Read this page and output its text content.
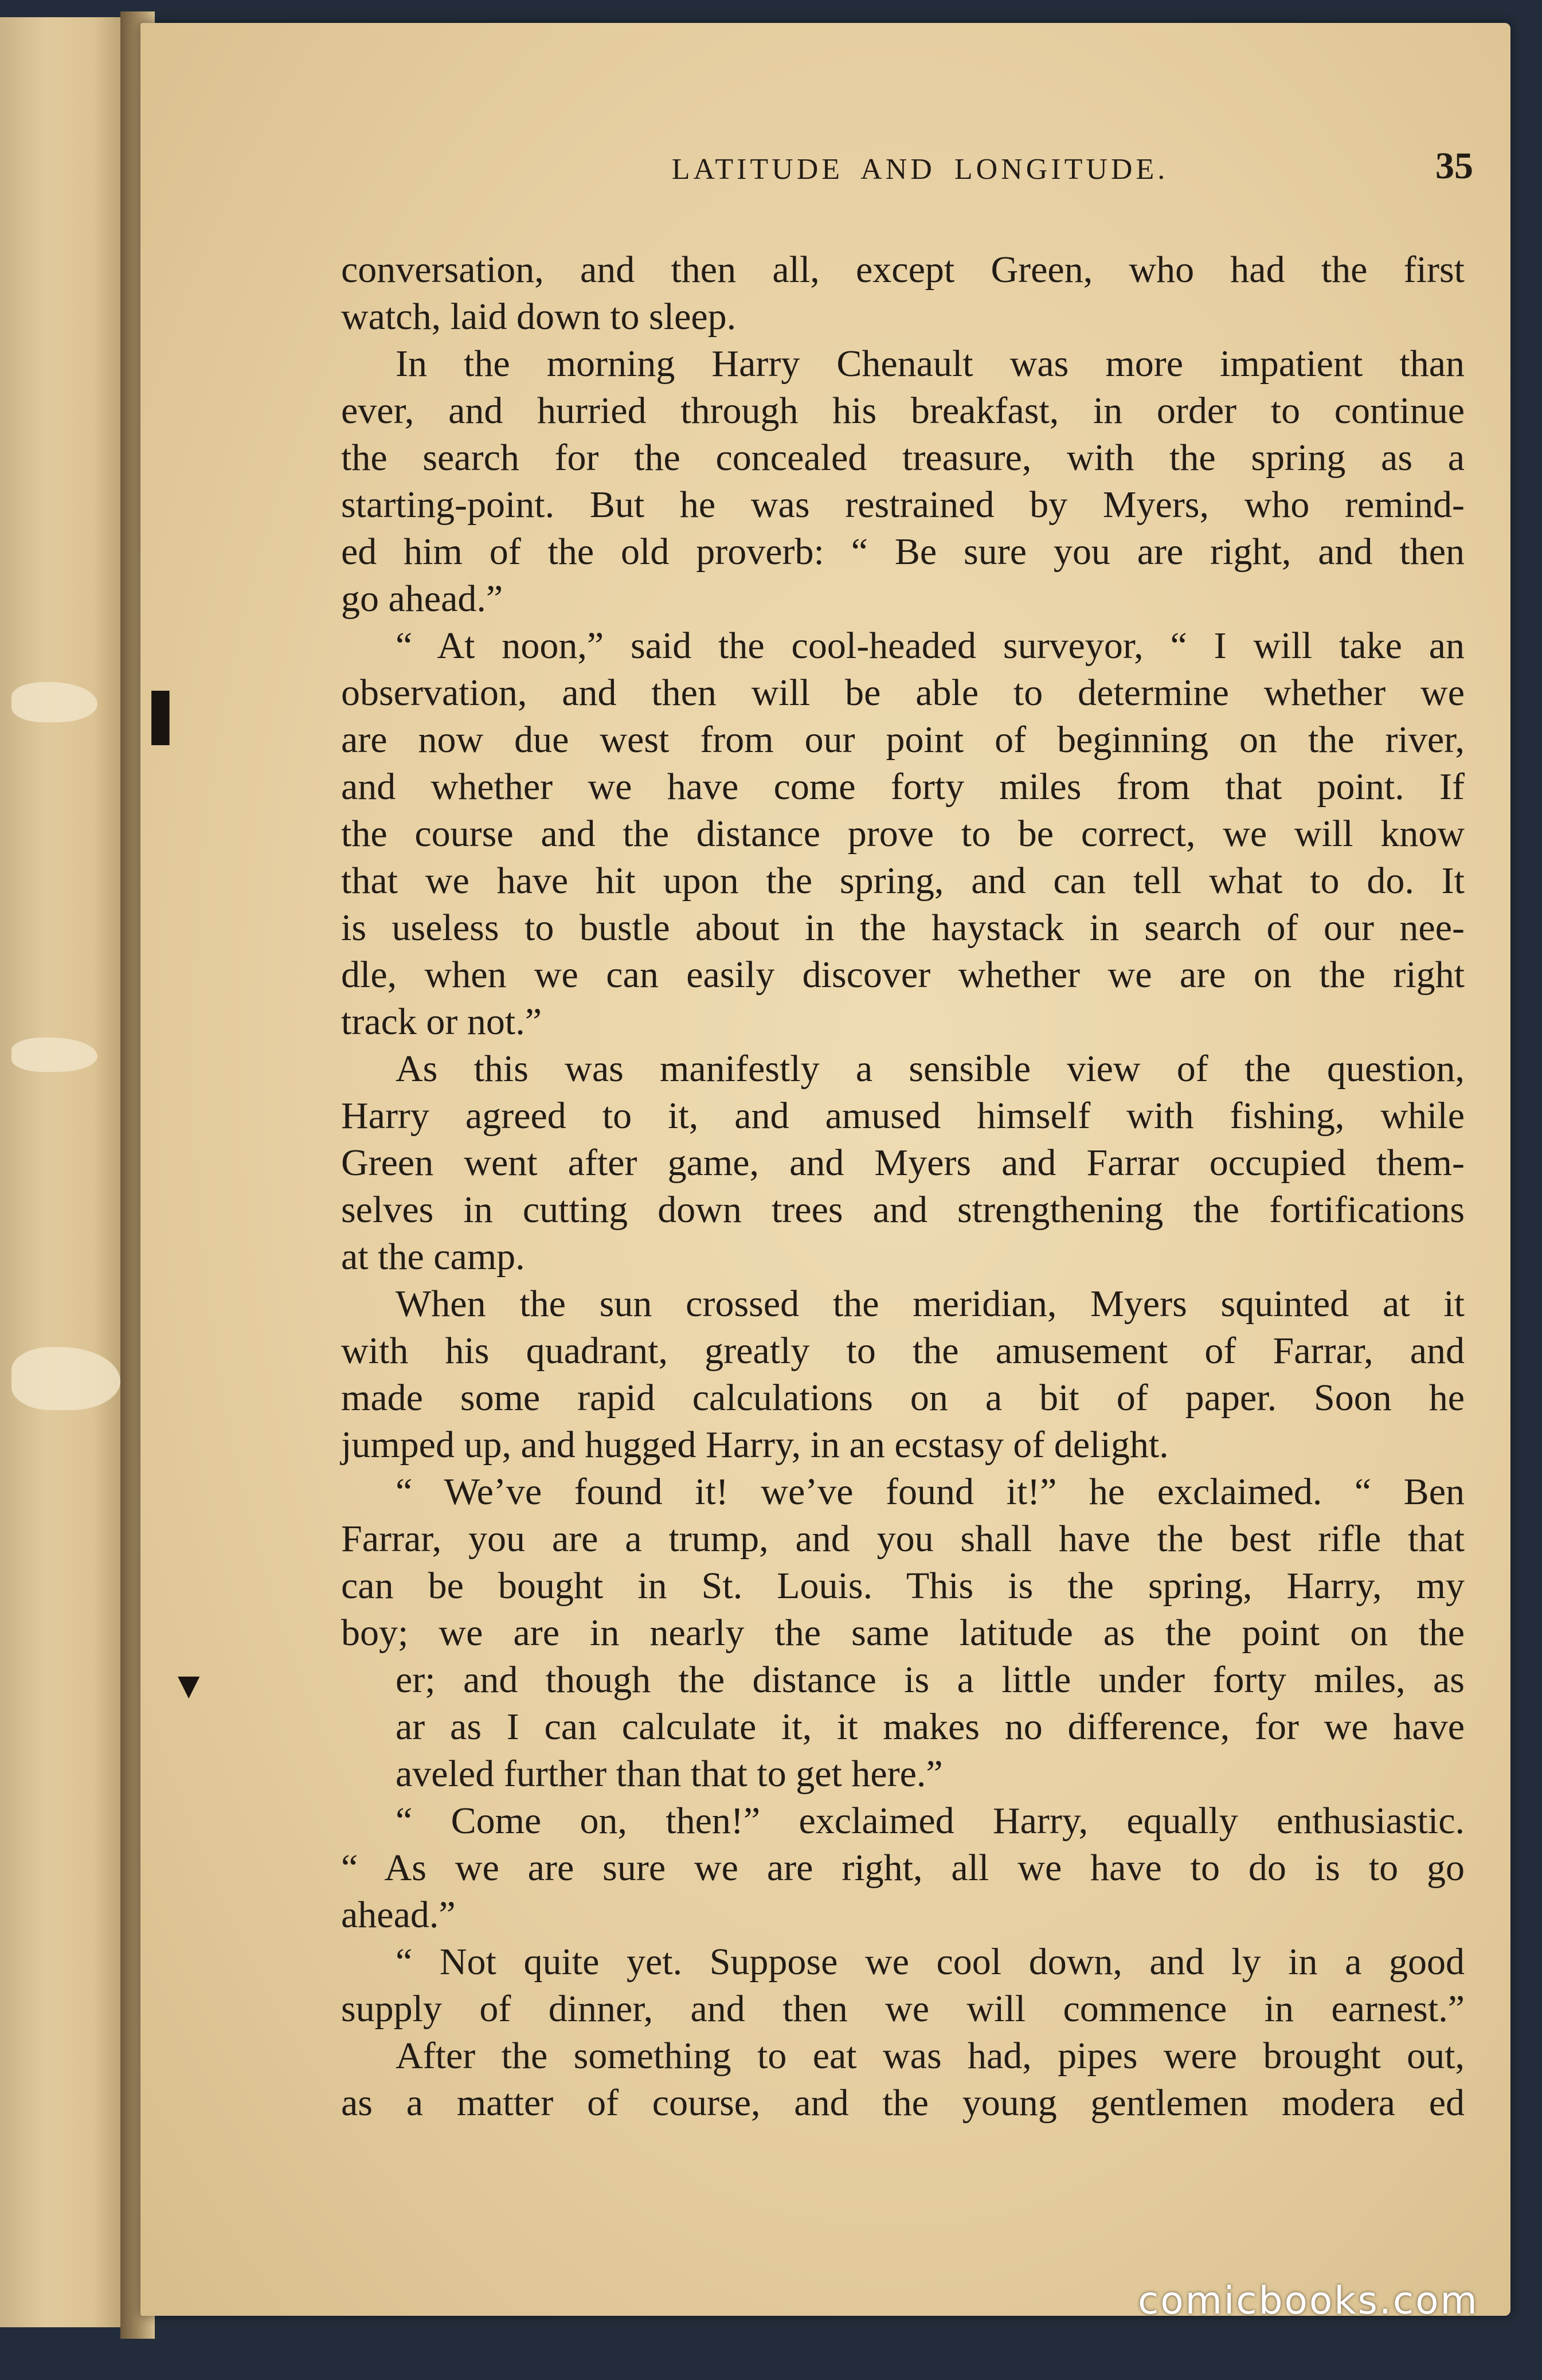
LATITUDE AND LONGITUDE.	35
conversation, and then all, except Green, who had the first
watch, laid down to sleep.
In the morning Harry Chenault was more impatient than
ever, and hurried through his breakfast, in order to continue
the search for the concealed treasure, with the spring as a
starting-point. But he was restrained by Myers, who remind-
ed him of the old proverb: “ Be sure you are right, and then
go ahead.”
“ At noon,” said the cool-headed surveyor, “ I will take an
observation, and then will be able to determine whether we
are now due west from our point of beginning on the river,
and whether we have come forty miles from that point. If
the course and the distance prove to be correct, we will know
that we have hit upon the spring, and can tell what to do. It
is useless to bustle about in the haystack in search of our nee-
dle, when we can easily discover whether we are on the right
track or not.”
As this was manifestly a sensible view of the question,
Harry agreed to it, and amused himself with fishing, while
Green went after game, and Myers and Farrar occupied them-
selves in cutting down trees and strengthening the fortifications
at the camp.
When the sun crossed the meridian, Myers squinted at it
with his quadrant, greatly to the amusement of Farrar, and
made some rapid calculations on a bit of paper. Soon he
jumped up, and hugged Harry, in an ecstasy of delight.
“ We’ve found it! we’ve found it!” he exclaimed. “ Ben
Farrar, you are a trump, and you shall have the best rifle that
can be bought in St. Louis. This is the spring, Harry, my
boy; we are in nearly the same latitude as the point on the
er; and though the distance is a little under forty miles, as
ar as I can calculate it, it makes no difference, for we have
aveled further than that to get here.”
“ Come on, then!” exclaimed Harry, equally enthusiastic.
“ As we are sure we are right, all we have to do is to go
ahead.”
“ Not quite yet. Suppose we cool down, and ly in a good
supply of dinner, and then we will commence in earnest.”
After the something to eat was had, pipes were brought out,
as a matter of course, and the young gentlemen modera ed
▌
▼
comicbooks.com
